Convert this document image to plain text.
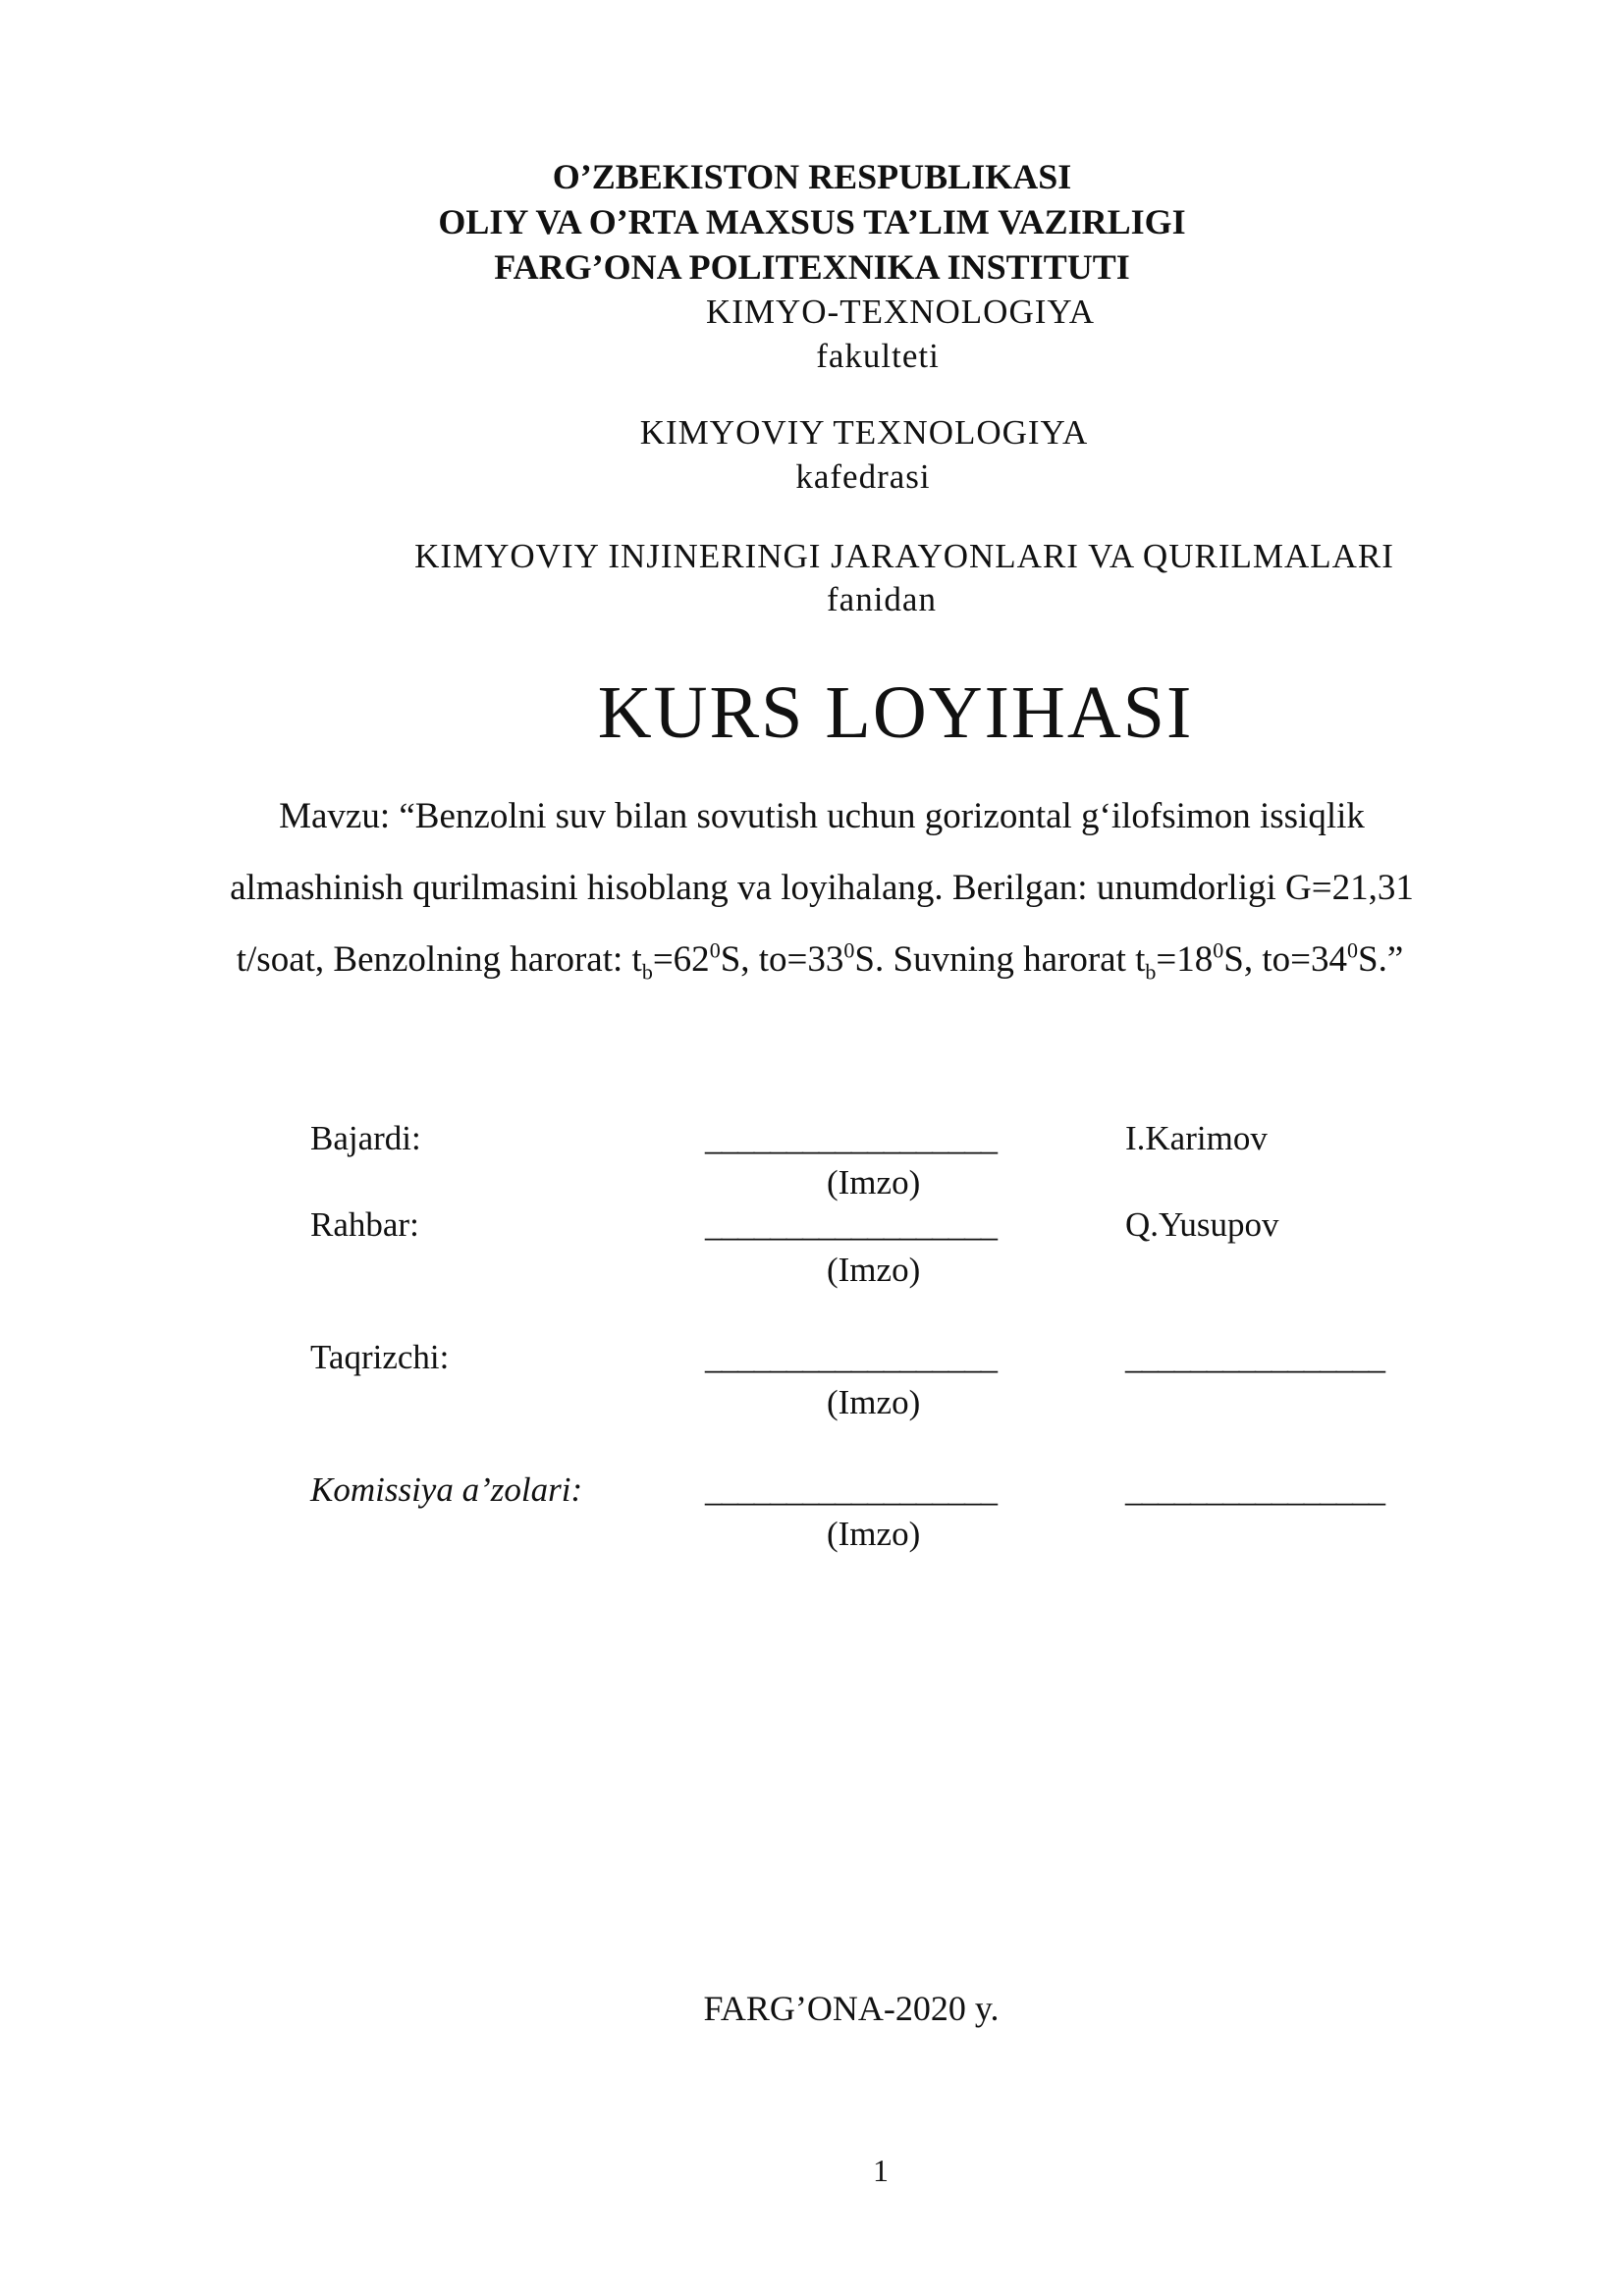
O’ZBEKISTON RESPUBLIKASI
OLIY VA O’RTA MAXSUS TA’LIM VAZIRLIGI
FARG’ONA POLITEXNIKA INSTITUTI
KIMYO-TEXNOLOGIYA
fakulteti
KIMYOVIY TEXNOLOGIYA
kafedrasi
KIMYOVIY INJINERINGI JARAYONLARI VA QURILMALARI
fanidan
KURS LOYIHASI
Mavzu: “Benzolni suv bilan sovutish uchun gorizontal g‘ilofsimon issiqlik
almashinish qurilmasini hisoblang va loyihalang. Berilgan: unumdorligi G=21,31
t/soat, Benzolning harorat: $t_b=62^0S$, $to=33^0S$. Suvning harorat $t_b=18^0S$, $to=34^0S$.”
Bajardi:	__________________	I.Karimov
(Imzo)
Rahbar:	__________________	Q.Yusupov
(Imzo)
Taqrizchi:	__________________	________________
(Imzo)
Komissiya a’zolari:	__________________	________________
(Imzo)
FARG’ONA-2020 y.
1
